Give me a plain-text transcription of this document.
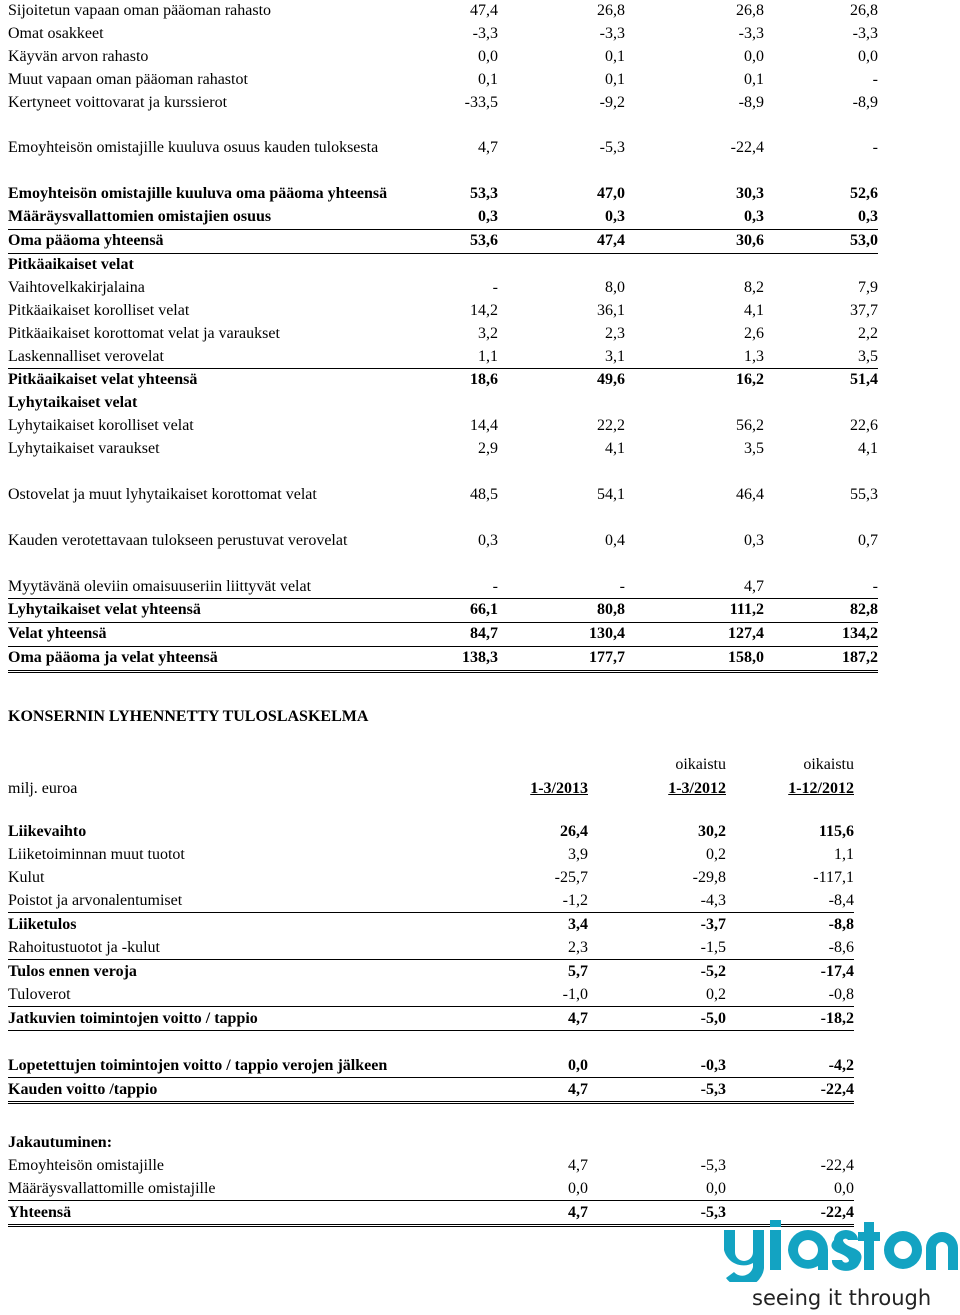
Sijoitetun vapaan oman pääoman rahasto	47,4	26,8	26,8	26,8
Omat osakkeet	-3,3	-3,3	-3,3	-3,3
Käyvän arvon rahasto	0,0	0,1	0,0	0,0
Muut vapaan oman pääoman rahastot	0,1	0,1	0,1	-
Kertyneet voittovarat ja kurssierot	-33,5	-9,2	-8,9	-8,9
Emoyhteisön omistajille kuuluva osuus kauden tuloksesta	4,7	-5,3	-22,4	-
Emoyhteisön omistajille kuuluva oma pääoma yhteensä	53,3	47,0	30,3	52,6
Määräysvallattomien omistajien osuus	0,3	0,3	0,3	0,3
Oma pääoma yhteensä	53,6	47,4	30,6	53,0
Pitkäaikaiset velat				
Vaihtovelkakirjalaina	-	8,0	8,2	7,9
Pitkäaikaiset korolliset velat	14,2	36,1	4,1	37,7
Pitkäaikaiset korottomat velat ja varaukset	3,2	2,3	2,6	2,2
Laskennalliset verovelat	1,1	3,1	1,3	3,5
Pitkäaikaiset velat yhteensä	18,6	49,6	16,2	51,4
Lyhytaikaiset velat				
Lyhytaikaiset korolliset velat	14,4	22,2	56,2	22,6
Lyhytaikaiset varaukset	2,9	4,1	3,5	4,1
Ostovelat ja muut lyhytaikaiset korottomat velat	48,5	54,1	46,4	55,3
Kauden verotettavaan tulokseen perustuvat verovelat	0,3	0,4	0,3	0,7
Myytävänä oleviin omaisuuseriin liittyvät velat	-	-	4,7	-
Lyhytaikaiset velat yhteensä	66,1	80,8	111,2	82,8
Velat yhteensä	84,7	130,4	127,4	134,2
Oma pääoma ja velat yhteensä	138,3	177,7	158,0	187,2
KONSERNIN LYHENNETTY TULOSLASKELMA
		oikaistu	oikaistu
milj. euroa	1-3/2013	1-3/2012	1-12/2012

Liikevaihto	26,4	30,2	115,6
Liiketoiminnan muut tuotot	3,9	0,2	1,1
Kulut	-25,7	-29,8	-117,1
Poistot ja arvonalentumiset	-1,2	-4,3	-8,4
Liiketulos	3,4	-3,7	-8,8
Rahoitustuotot ja -kulut	2,3	-1,5	-8,6
Tulos ennen veroja	5,7	-5,2	-17,4
Tuloverot	-1,0	0,2	-0,8
Jatkuvien toimintojen voitto / tappio	4,7	-5,0	-18,2
Lopetettujen toimintojen voitto / tappio verojen jälkeen	0,0	-0,3	-4,2
Kauden voitto /tappio	4,7	-5,3	-22,4

Jakautuminen:			
Emoyhteisön omistajille	4,7	-5,3	-22,4
Määräysvallattomille omistajille	0,0	0,0	0,0
Yhteensä	4,7	-5,3	-22,4
seeing it through
